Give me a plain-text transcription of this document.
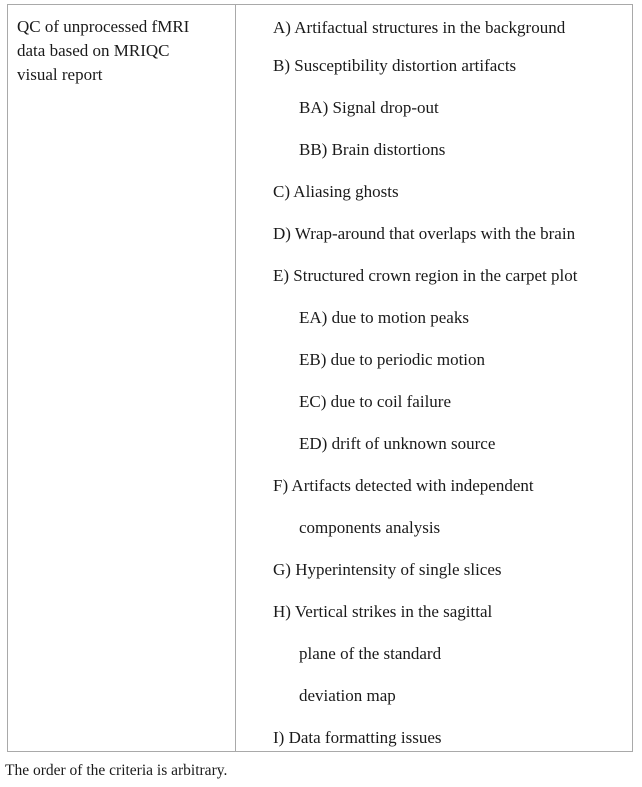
QC of unprocessed fMRI
data based on MRIQC
visual report
A) Artifactual structures in the background
B) Susceptibility distortion artifacts
BA) Signal drop-out
BB) Brain distortions
C) Aliasing ghosts
D) Wrap-around that overlaps with the brain
E) Structured crown region in the carpet plot
EA) due to motion peaks
EB) due to periodic motion
EC) due to coil failure
ED) drift of unknown source
F) Artifacts detected with independent
components analysis
G) Hyperintensity of single slices
H) Vertical strikes in the sagittal
plane of the standard
deviation map
I) Data formatting issues
The order of the criteria is arbitrary.
